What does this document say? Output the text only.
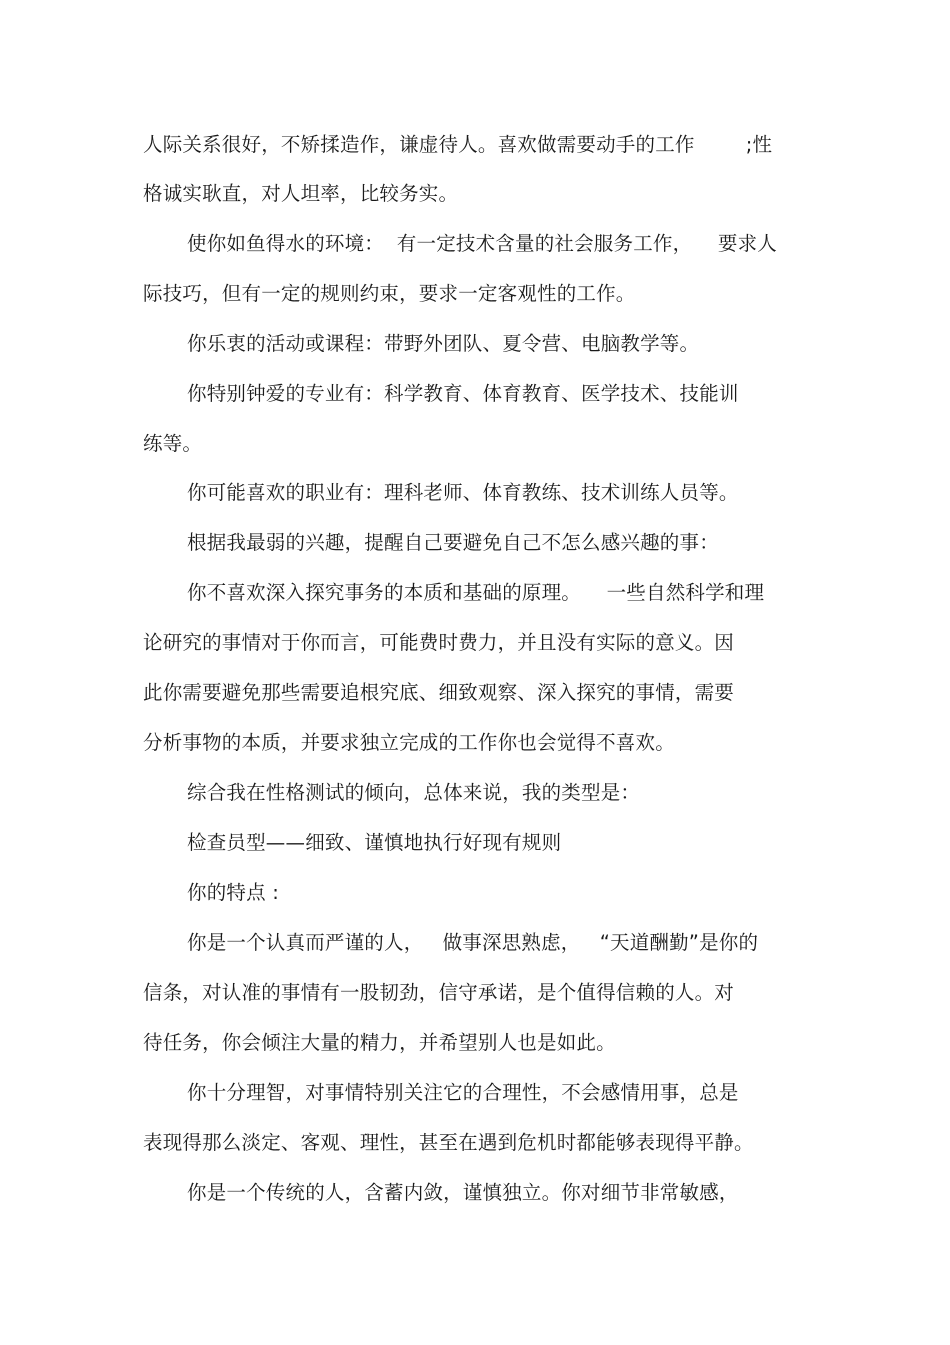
人际关系很好，不矫揉造作，谦虚待人。喜欢做需要动手的工作        ;性
格诚实耿直，对人坦率，比较务实。
使你如鱼得水的环境：  有一定技术含量的社会服务工作，    要求人
际技巧，但有一定的规则约束，要求一定客观性的工作。
你乐衷的活动或课程：带野外团队、夏令营、电脑教学等。
你特别钟爱的专业有：科学教育、体育教育、医学技术、技能训
练等。
你可能喜欢的职业有：理科老师、体育教练、技术训练人员等。
根据我最弱的兴趣，提醒自己要避免自己不怎么感兴趣的事：
你不喜欢深入探究事务的本质和基础的原理。    一些自然科学和理
论研究的事情对于你而言，可能费时费力，并且没有实际的意义。因
此你需要避免那些需要追根究底、细致观察、深入探究的事情，需要
分析事物的本质，并要求独立完成的工作你也会觉得不喜欢。
综合我在性格测试的倾向，总体来说，我的类型是：
检查员型——细致、谨慎地执行好现有规则
你的特点 :
你是一个认真而严谨的人，   做事深思熟虑，   “天道酬勤”是你的
信条，对认准的事情有一股韧劲，信守承诺，是个值得信赖的人。对
待任务，你会倾注大量的精力，并希望别人也是如此。
你十分理智，对事情特别关注它的合理性，不会感情用事，总是
表现得那么淡定、客观、理性，甚至在遇到危机时都能够表现得平静。
你是一个传统的人，含蓄内敛，谨慎独立。你对细节非常敏感，
